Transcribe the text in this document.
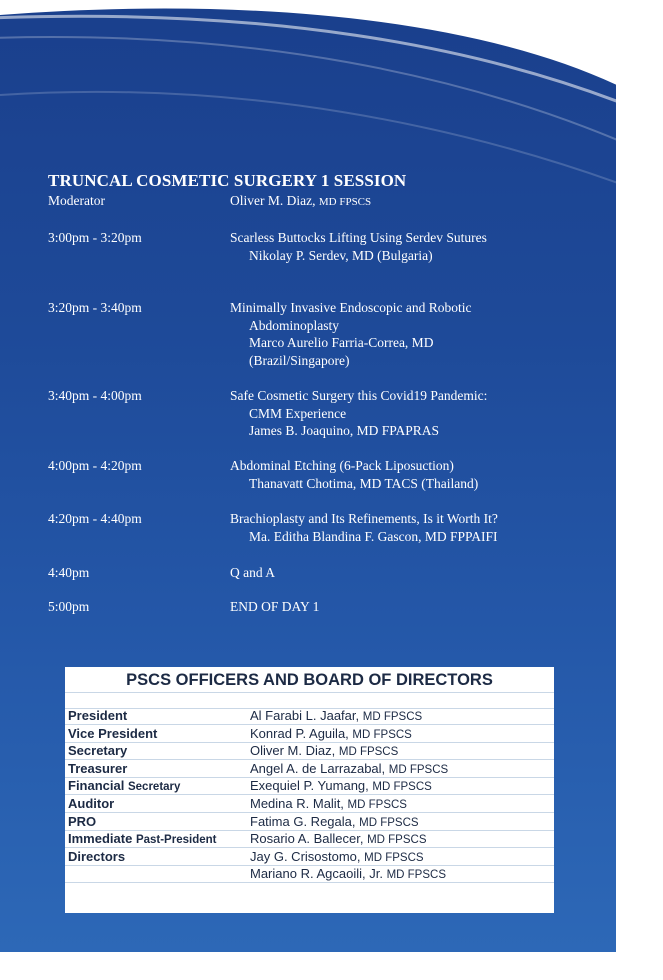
TRUNCAL COSMETIC SURGERY 1 SESSION
Moderator	Oliver M. Diaz, MD FPSCS
3:00pm - 3:20pm	Scarless Buttocks Lifting Using Serdev Sutures
Nikolay P. Serdev, MD (Bulgaria)
3:20pm - 3:40pm	Minimally Invasive Endoscopic and Robotic
Abdominoplasty
Marco Aurelio Farria-Correa, MD
(Brazil/Singapore)
3:40pm - 4:00pm	Safe Cosmetic Surgery this Covid19 Pandemic:
CMM Experience
James B. Joaquino, MD FPAPRAS
4:00pm - 4:20pm	Abdominal Etching (6-Pack Liposuction)
Thanavatt Chotima, MD TACS (Thailand)
4:20pm - 4:40pm	Brachioplasty and Its Refinements, Is it Worth It?
Ma. Editha Blandina F. Gascon, MD FPPAIFI
4:40pm	Q and A
5:00pm	END OF DAY 1
PSCS OFFICERS AND BOARD OF DIRECTORS
President	Al Farabi L. Jaafar, MD FPSCS
Vice President	Konrad P. Aguila, MD FPSCS
Secretary	Oliver M. Diaz, MD FPSCS
Treasurer	Angel A. de Larrazabal, MD FPSCS
Financial Secretary	Exequiel P. Yumang, MD FPSCS
Auditor	Medina R. Malit, MD FPSCS
PRO	Fatima G. Regala, MD FPSCS
Immediate Past-President	Rosario A. Ballecer, MD FPSCS
Directors	Jay G. Crisostomo, MD FPSCS
Mariano R. Agcaoili, Jr. MD FPSCS
